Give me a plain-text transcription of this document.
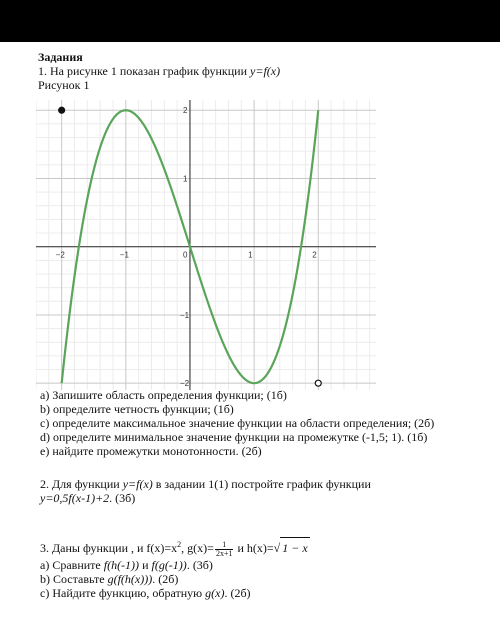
Задания
1. На рисунке 1 показан график функции y=f(x)
Рисунок 1
−2	−1	0	1	2
2
1
−1
−2
a) Запишите область определения функции; (1б)
b) определите четность функции; (1б)
c) определите максимальное значение функции на области определения; (2б)
d) определите минимальное значение функции на промежутке (-1,5; 1). (1б)
e) найдите промежутки монотонности. (2б)
2. Для функции y=f(x) в задании 1(1) постройте график функции
y=0,5f(x-1)+2. (3б)
3. Даны функции , и $f(x)=x^2$, $g(x)= \frac{1}{2x+1}$ и h(x)=√ 1 − x
a) Сравните f(h(-1)) и f(g(-1)). (3б)
b) Составьте g(f(h(x))). (2б)
c) Найдите функцию, обратную g(x). (2б)
